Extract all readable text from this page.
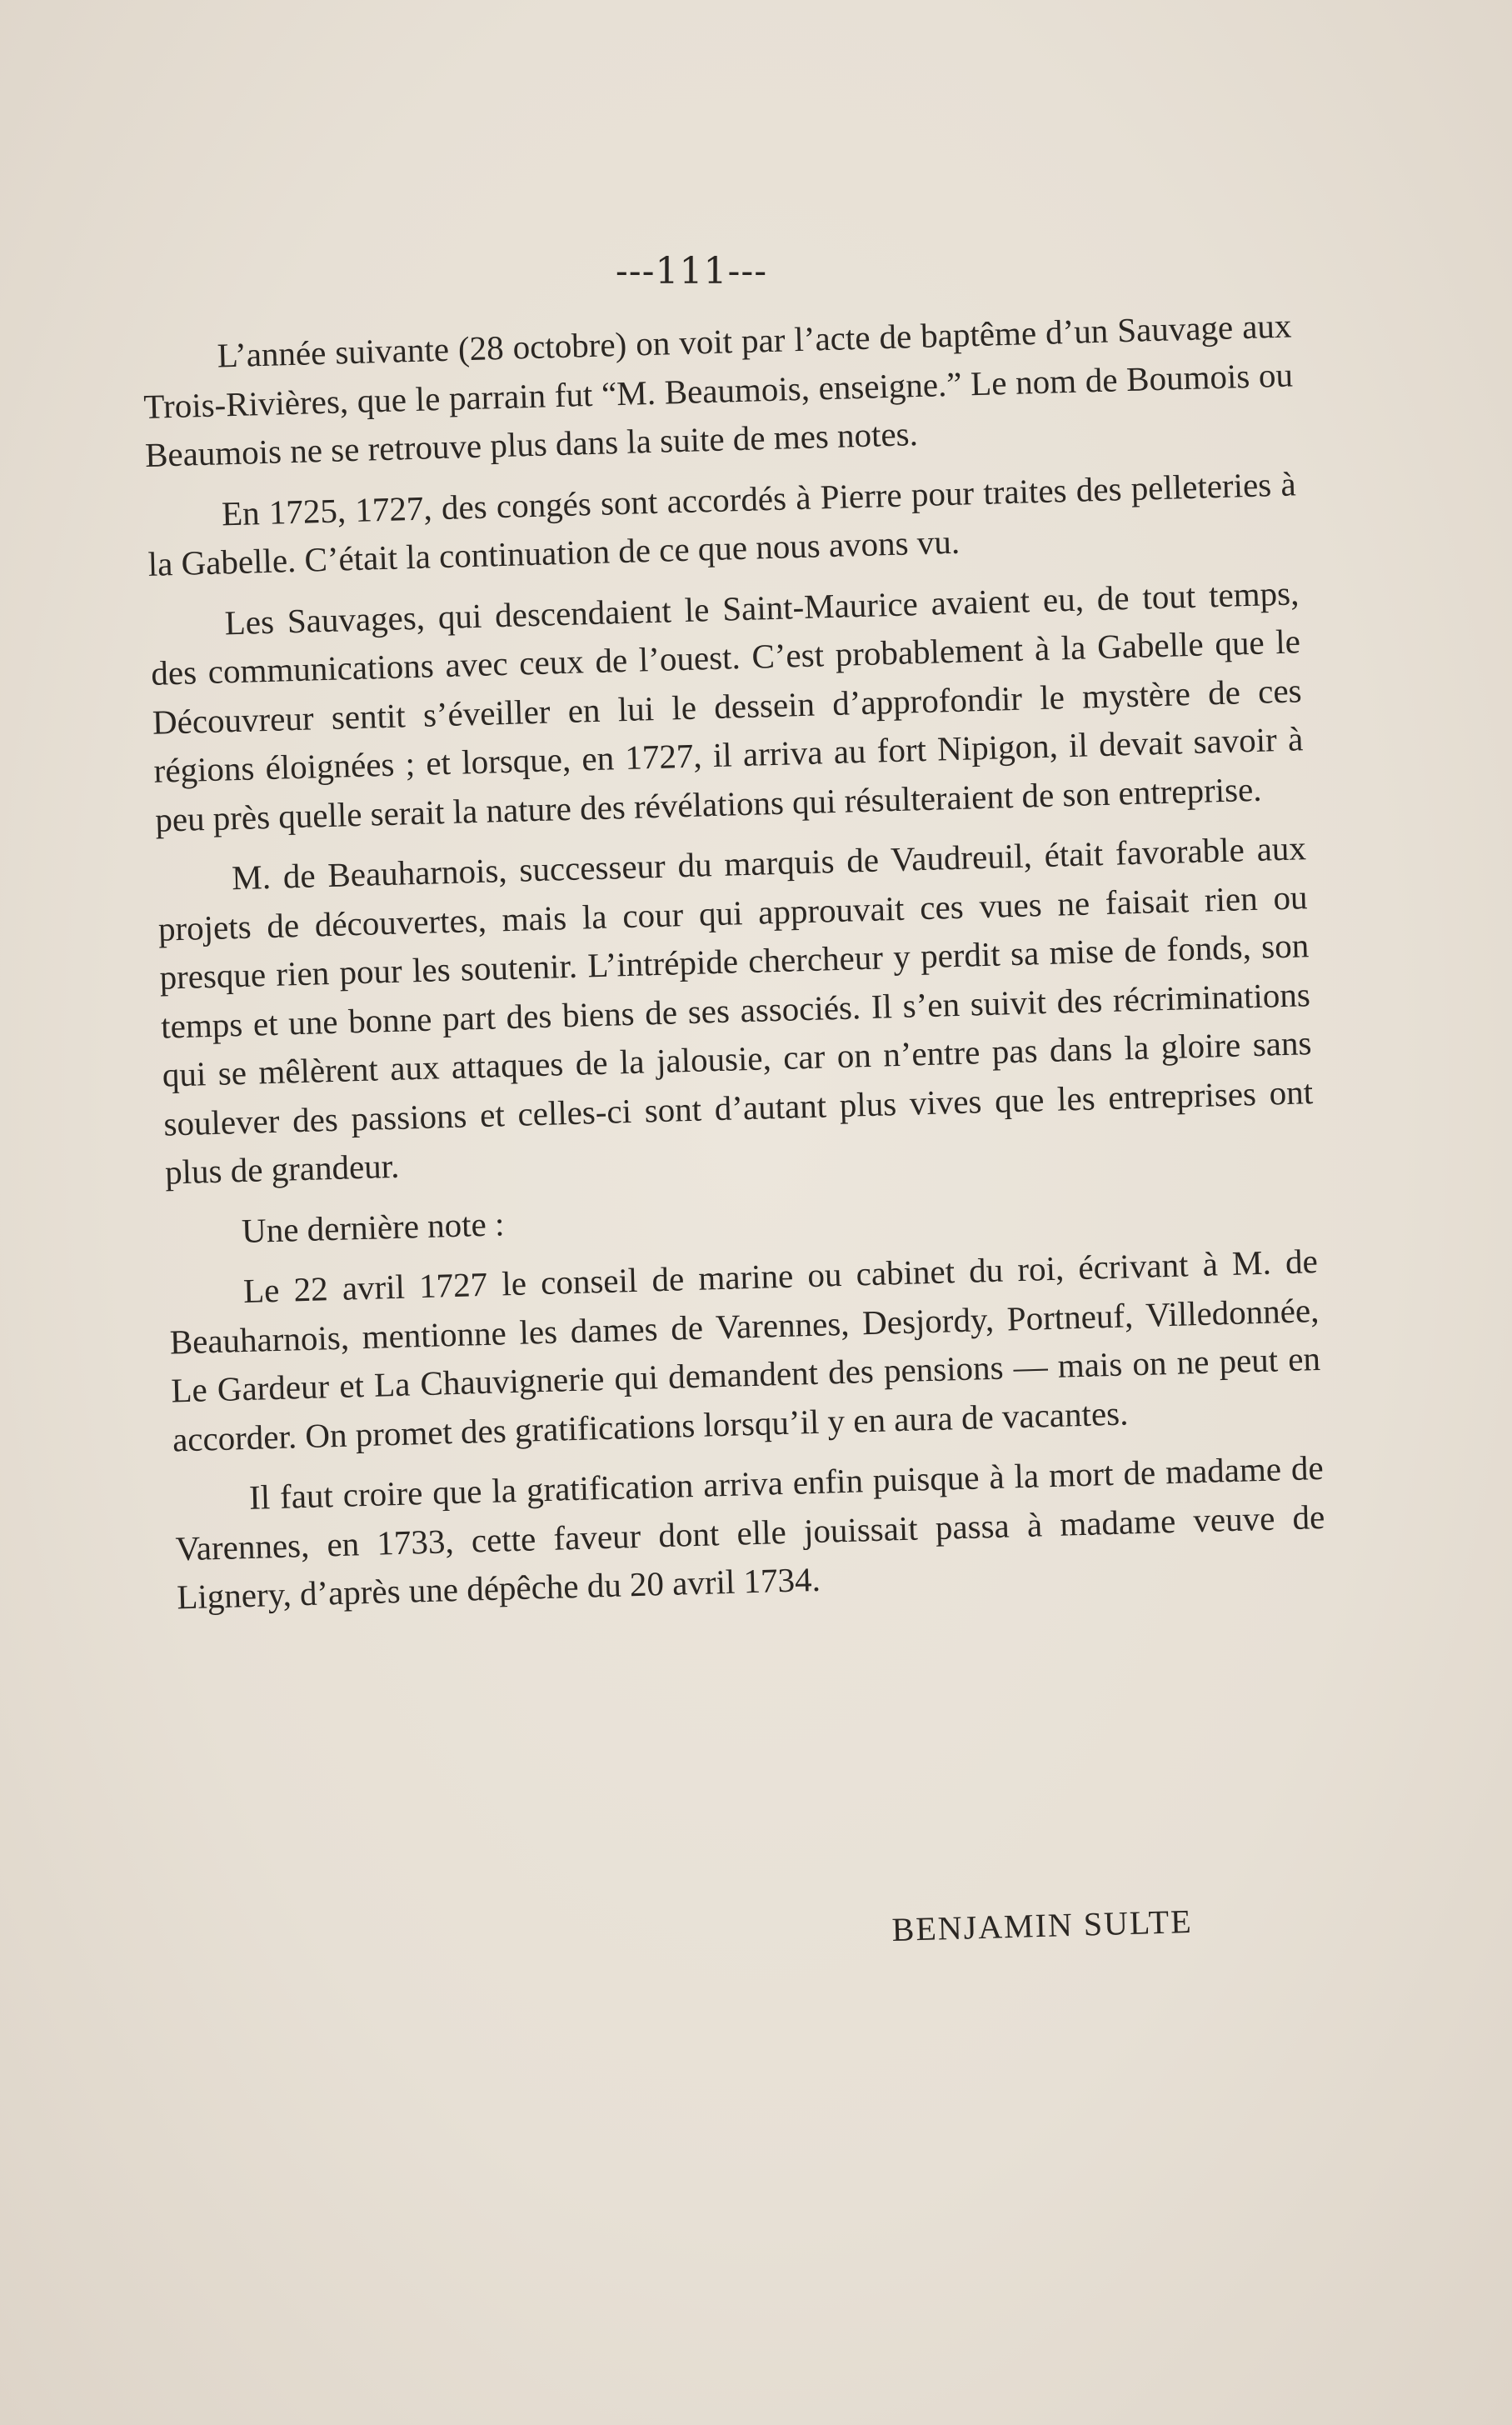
---111---

L’année suivante (28 octobre) on voit par l’acte de baptême d’un Sauvage aux Trois-Rivières, que le parrain fut “M. Beaumois, enseigne.” Le nom de Boumois ou Beaumois ne se retrouve plus dans la suite de mes notes.

En 1725, 1727, des congés sont accordés à Pierre pour traites des pelleteries à la Gabelle. C’était la continuation de ce que nous avons vu.

Les Sauvages, qui descendaient le Saint-Maurice avaient eu, de tout temps, des communications avec ceux de l’ouest. C’est probablement à la Gabelle que le Découvreur sentit s’éveiller en lui le dessein d’approfondir le mystère de ces régions éloignées ; et lorsque, en 1727, il arriva au fort Nipigon, il devait savoir à peu près quelle serait la nature des révélations qui résulteraient de son entreprise.

M. de Beauharnois, successeur du marquis de Vaudreuil, était favorable aux projets de découvertes, mais la cour qui approuvait ces vues ne faisait rien ou presque rien pour les soutenir. L’intrépide chercheur y perdit sa mise de fonds, son temps et une bonne part des biens de ses associés. Il s’en suivit des récriminations qui se mêlèrent aux attaques de la jalousie, car on n’entre pas dans la gloire sans soulever des passions et celles-ci sont d’autant plus vives que les entreprises ont plus de grandeur.

Une dernière note :

Le 22 avril 1727 le conseil de marine ou cabinet du roi, écrivant à M. de Beauharnois, mentionne les dames de Varennes, Desjordy, Portneuf, Villedonnée, Le Gardeur et La Chauvignerie qui demandent des pensions — mais on ne peut en accorder. On promet des gratifications lorsqu’il y en aura de vacantes.

Il faut croire que la gratification arriva enfin puisque à la mort de madame de Varennes, en 1733, cette faveur dont elle jouissait passa à madame veuve de Lignery, d’après une dépêche du 20 avril 1734.

BENJAMIN SULTE
